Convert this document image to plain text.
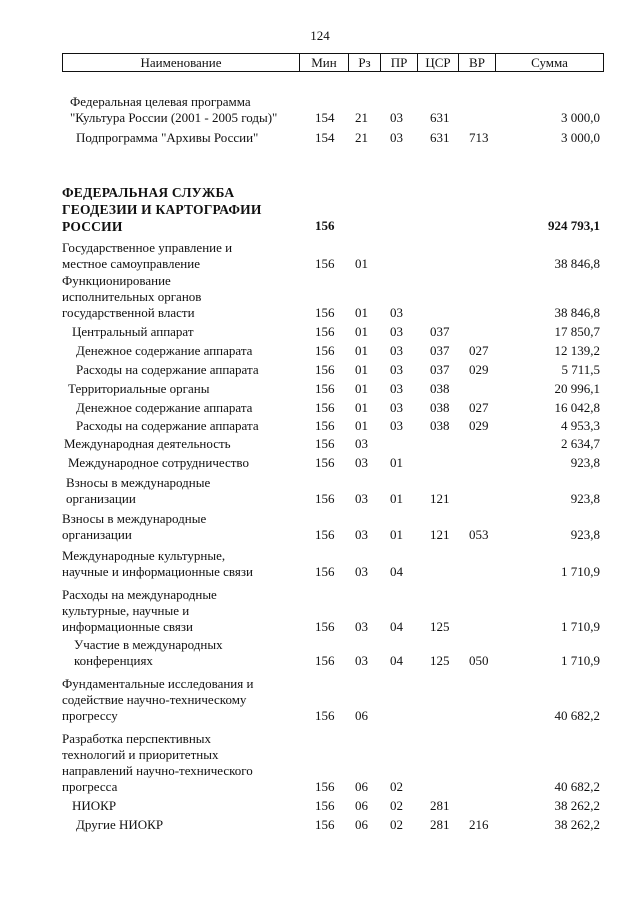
124
Наименование	Мин	Рз	ПР	ЦСР	ВР	Сумма
Федеральная целевая программа
"Культура России (2001 - 2005 годы)"	154 21 03 631	3 000,0
Подпрограмма "Архивы России"	154 21 03 631 713	3 000,0
ФЕДЕРАЛЬНАЯ СЛУЖБА
ГЕОДЕЗИИ И КАРТОГРАФИИ
РОССИИ	156	924 793,1
Государственное управление и
местное самоуправление	156 01	38 846,8
Функционирование
исполнительных органов
государственной власти	156 01 03	38 846,8
Центральный аппарат	156 01 03 037	17 850,7
Денежное содержание аппарата	156 01 03 037 027	12 139,2
Расходы на содержание аппарата	156 01 03 037 029	5 711,5
Территориальные органы	156 01 03 038	20 996,1
Денежное содержание аппарата	156 01 03 038 027	16 042,8
Расходы на содержание аппарата	156 01 03 038 029	4 953,3
Международная деятельность	156 03	2 634,7
Международное сотрудничество	156 03 01	923,8
Взносы в международные
организации	156 03 01 121	923,8
Взносы в международные
организации	156 03 01 121 053	923,8
Международные культурные,
научные и информационные связи	156 03 04	1 710,9
Расходы на международные
культурные, научные и
информационные связи	156 03 04 125	1 710,9
Участие в международных
конференциях	156 03 04 125 050	1 710,9
Фундаментальные исследования и
содействие научно-техническому
прогрессу	156 06	40 682,2
Разработка перспективных
технологий и приоритетных
направлений научно-технического
прогресса	156 06 02	40 682,2
НИОКР	156 06 02 281	38 262,2
Другие НИОКР	156 06 02 281 216	38 262,2
